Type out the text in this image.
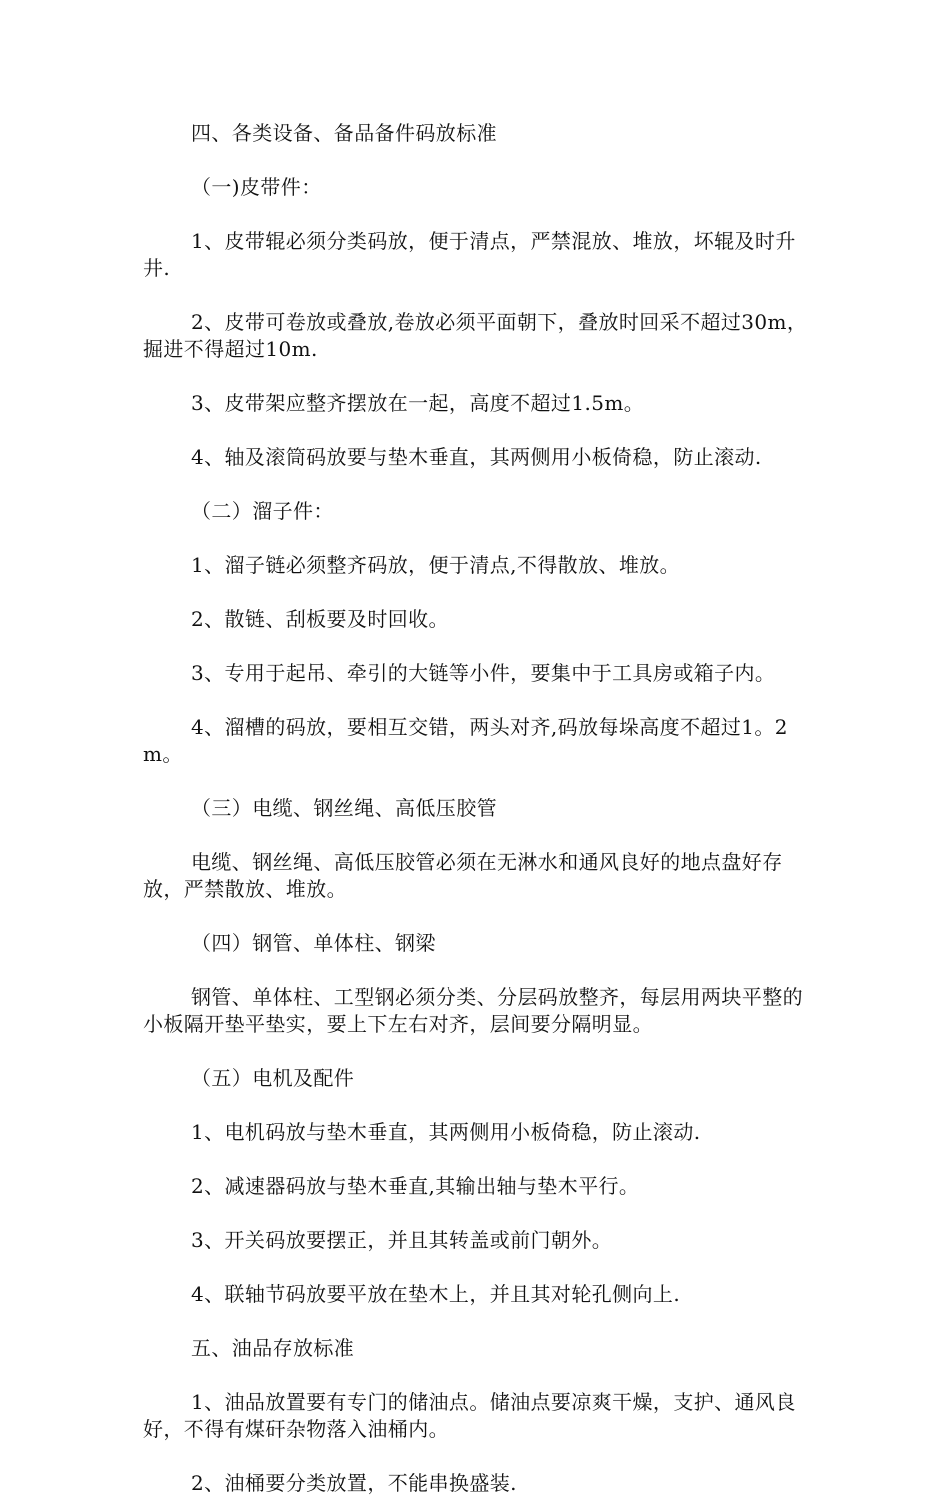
四、各类设备、备品备件码放标准

（一)皮带件：

1、皮带辊必须分类码放，便于清点，严禁混放、堆放，坏辊及时升井.

2、皮带可卷放或叠放,卷放必须平面朝下，叠放时回采不超过30m，掘进不得超过10m.

3、皮带架应整齐摆放在一起，高度不超过1.5m。

4、轴及滚筒码放要与垫木垂直，其两侧用小板倚稳，防止滚动.

（二）溜子件：

1、溜子链必须整齐码放，便于清点,不得散放、堆放。

2、散链、刮板要及时回收。

3、专用于起吊、牵引的大链等小件，要集中于工具房或箱子内。

4、溜槽的码放，要相互交错，两头对齐,码放每垛高度不超过1。2m。

（三）电缆、钢丝绳、高低压胶管

电缆、钢丝绳、高低压胶管必须在无淋水和通风良好的地点盘好存放，严禁散放、堆放。

（四）钢管、单体柱、钢梁

钢管、单体柱、工型钢必须分类、分层码放整齐，每层用两块平整的小板隔开垫平垫实，要上下左右对齐，层间要分隔明显。

（五）电机及配件

1、电机码放与垫木垂直，其两侧用小板倚稳，防止滚动.

2、减速器码放与垫木垂直,其输出轴与垫木平行。

3、开关码放要摆正，并且其转盖或前门朝外。

4、联轴节码放要平放在垫木上，并且其对轮孔侧向上.

五、油品存放标准

1、油品放置要有专门的储油点。储油点要凉爽干燥，支护、通风良好，不得有煤矸杂物落入油桶内。

2、油桶要分类放置，不能串换盛装.
